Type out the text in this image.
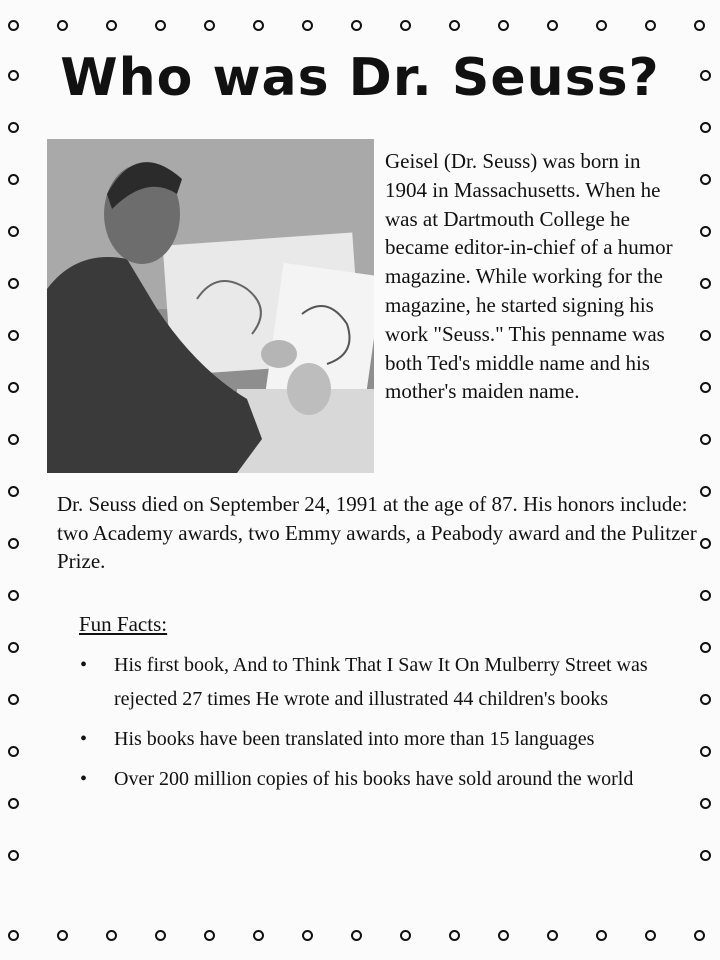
Who was Dr. Seuss?
Geisel (Dr. Seuss) was born in 1904 in Massachusetts. When he was at Dartmouth College he became editor-in-chief of a humor magazine. While working for the magazine, he started signing his work "Seuss." This penname was both Ted's middle name and his mother's maiden name.
Dr. Seuss died on September 24, 1991 at the age of 87. His honors include: two Academy awards, two Emmy awards, a Peabody award and the Pulitzer Prize.
Fun Facts:
• His first book, And to Think That I Saw It On Mulberry Street was rejected 27 times He wrote and illustrated 44 children's books
• His books have been translated into more than 15 languages
• Over 200 million copies of his books have sold around the world
